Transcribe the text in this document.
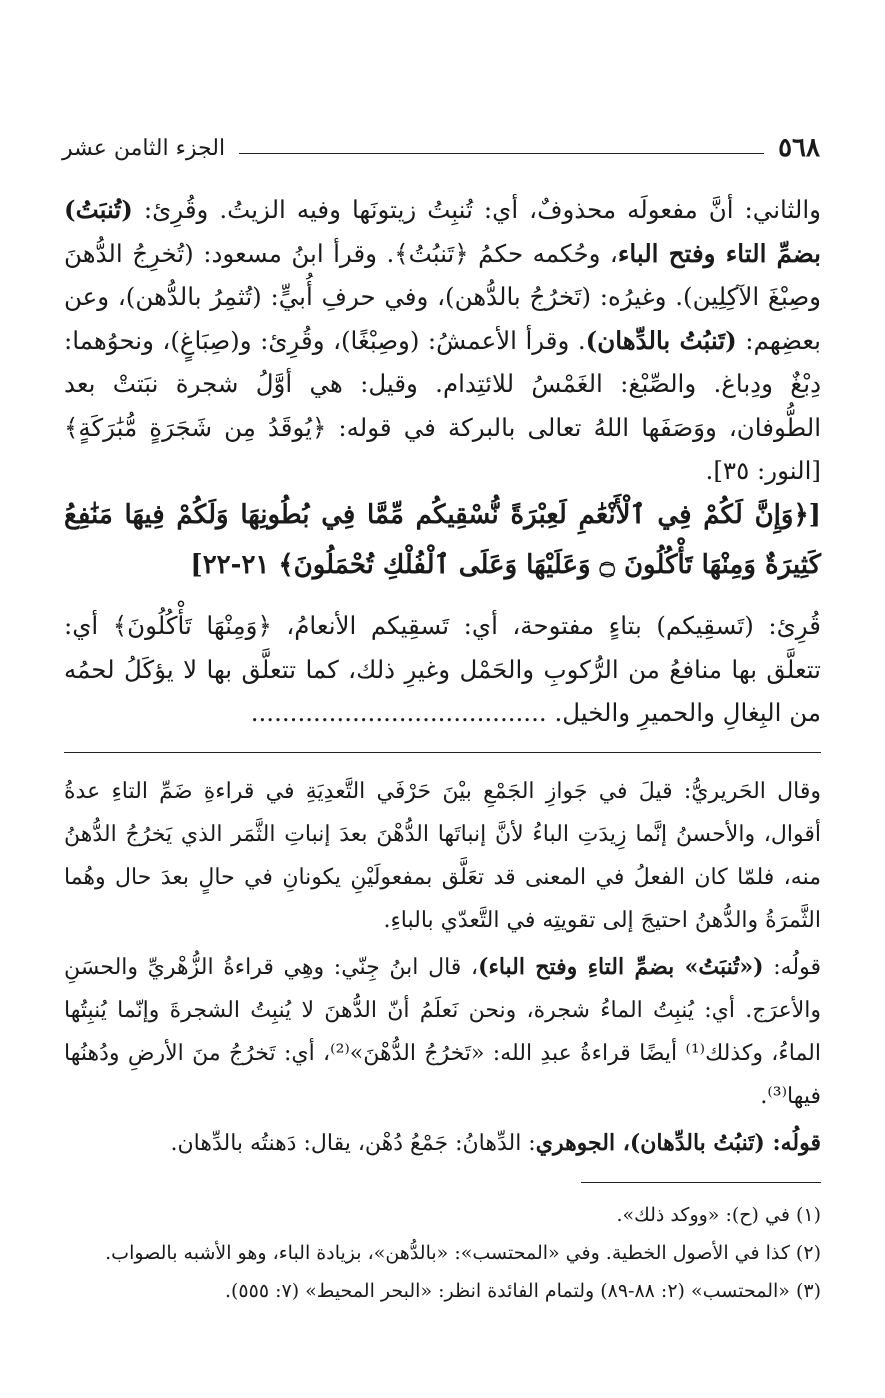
٥٦٨
الجزء الثامن عشر

والثاني: أنَّ مفعولَه محذوفٌ، أي: تُنبِتُ زيتونَها وفيه الزيتُ. وقُرِئ: (تُنبَتُ) بضمِّ التاء وفتح الباء، وحُكمه حكمُ ﴿تَنبُتُ﴾. وقرأ ابنُ مسعود: (تُخرِجُ الدُّهنَ وصِبْغَ الآكِلِين). وغيرُه: (تَخرُجُ بالدُّهن)، وفي حرفِ أُبيٍّ: (تُثمِرُ بالدُّهن)، وعن بعضِهم: (تَنبُتُ بالدِّهان). وقرأ الأعمشُ: (وصِبْغًا)، وقُرِئ: و(صِبَاغٍ)، ونحوُهما: دِبْغٌ ودِباغ. والصِّبْغ: الغَمْسُ للائتِدام. وقيل: هي أوَّلُ شجرة نبَتتْ بعد الطُّوفان، ووَصَفَها اللهُ تعالى بالبركة في قوله: ﴿يُوقَدُ مِن شَجَرَةٍ مُّبَٰرَكَةٍ﴾ [النور: ٣٥].

[﴿وَإِنَّ لَكُمْ فِي ٱلْأَنْعَٰمِ لَعِبْرَةً نُّسْقِيكُم مِّمَّا فِي بُطُونِهَا وَلَكُمْ فِيهَا مَنَٰفِعُ كَثِيرَةٌ وَمِنْهَا تَأْكُلُونَ ۝ وَعَلَيْهَا وَعَلَى ٱلْفُلْكِ تُحْمَلُونَ﴾ ٢١-٢٢]

قُرِئ: (تَسقِيكم) بتاءٍ مفتوحة، أي: تَسقِيكم الأنعامُ، ﴿وَمِنْهَا تَأْكُلُونَ﴾ أي: تتعلَّق بها منافعُ من الرُّكوبِ والحَمْل وغيرِ ذلك، كما تتعلَّق بها لا يؤكَلُ لحمُه من البِغالِ والحميرِ والخيل. ......................................

وقال الحَريريُّ: قيلَ في جَوازِ الجَمْعِ بيْنَ حَرْفَي التَّعدِيَةِ في قراءةِ ضَمِّ التاءِ عدةُ أقوال، والأحسنُ إنَّما زِيدَتِ الباءُ لأنَّ إنباتَها الدُّهْنَ بعدَ إنباتِ الثَّمَر الذي يَخرُجُ الدُّهنُ منه، فلمّا كان الفعلُ في المعنى قد تعَلَّق بمفعولَيْنِ يكونانِ في حالٍ بعدَ حال وهُما الثَّمرَةُ والدُّهنُ احتيجَ إلى تقويتِه في التَّعدّي بالباءِ.

قولُه: («تُنبَتُ» بضمِّ التاءِ وفتح الباء)، قال ابنُ جِنّي: وهِي قراءةُ الزُّهْريِّ والحسَنِ والأعرَج. أي: يُنبِتُ الماءُ شجرة، ونحن نَعلَمُ أنّ الدُّهنَ لا يُنبِتُ الشجرةَ وإنّما يُنبِتُها الماءُ، وكذلك⁽¹⁾ أيضًا قراءةُ عبدِ الله: «تَخرُجُ الدُّهْنَ»⁽²⁾، أي: تَخرُجُ منَ الأرضِ ودُهنُها فيها⁽³⁾.

قولُه: (تَنبُتُ بالدِّهان)، الجوهري: الدِّهانُ: جَمْعُ دُهْن، يقال: دَهنتُه بالدِّهان.

(١) في (ح): «ووكد ذلك».

(٢) كذا في الأصول الخطية. وفي «المحتسب»: «بالدُّهن»، بزيادة الباء، وهو الأشبه بالصواب.

(٣) «المحتسب» (٢: ٨٨-٨٩) ولتمام الفائدة انظر: «البحر المحيط» (٧: ٥٥٥).
